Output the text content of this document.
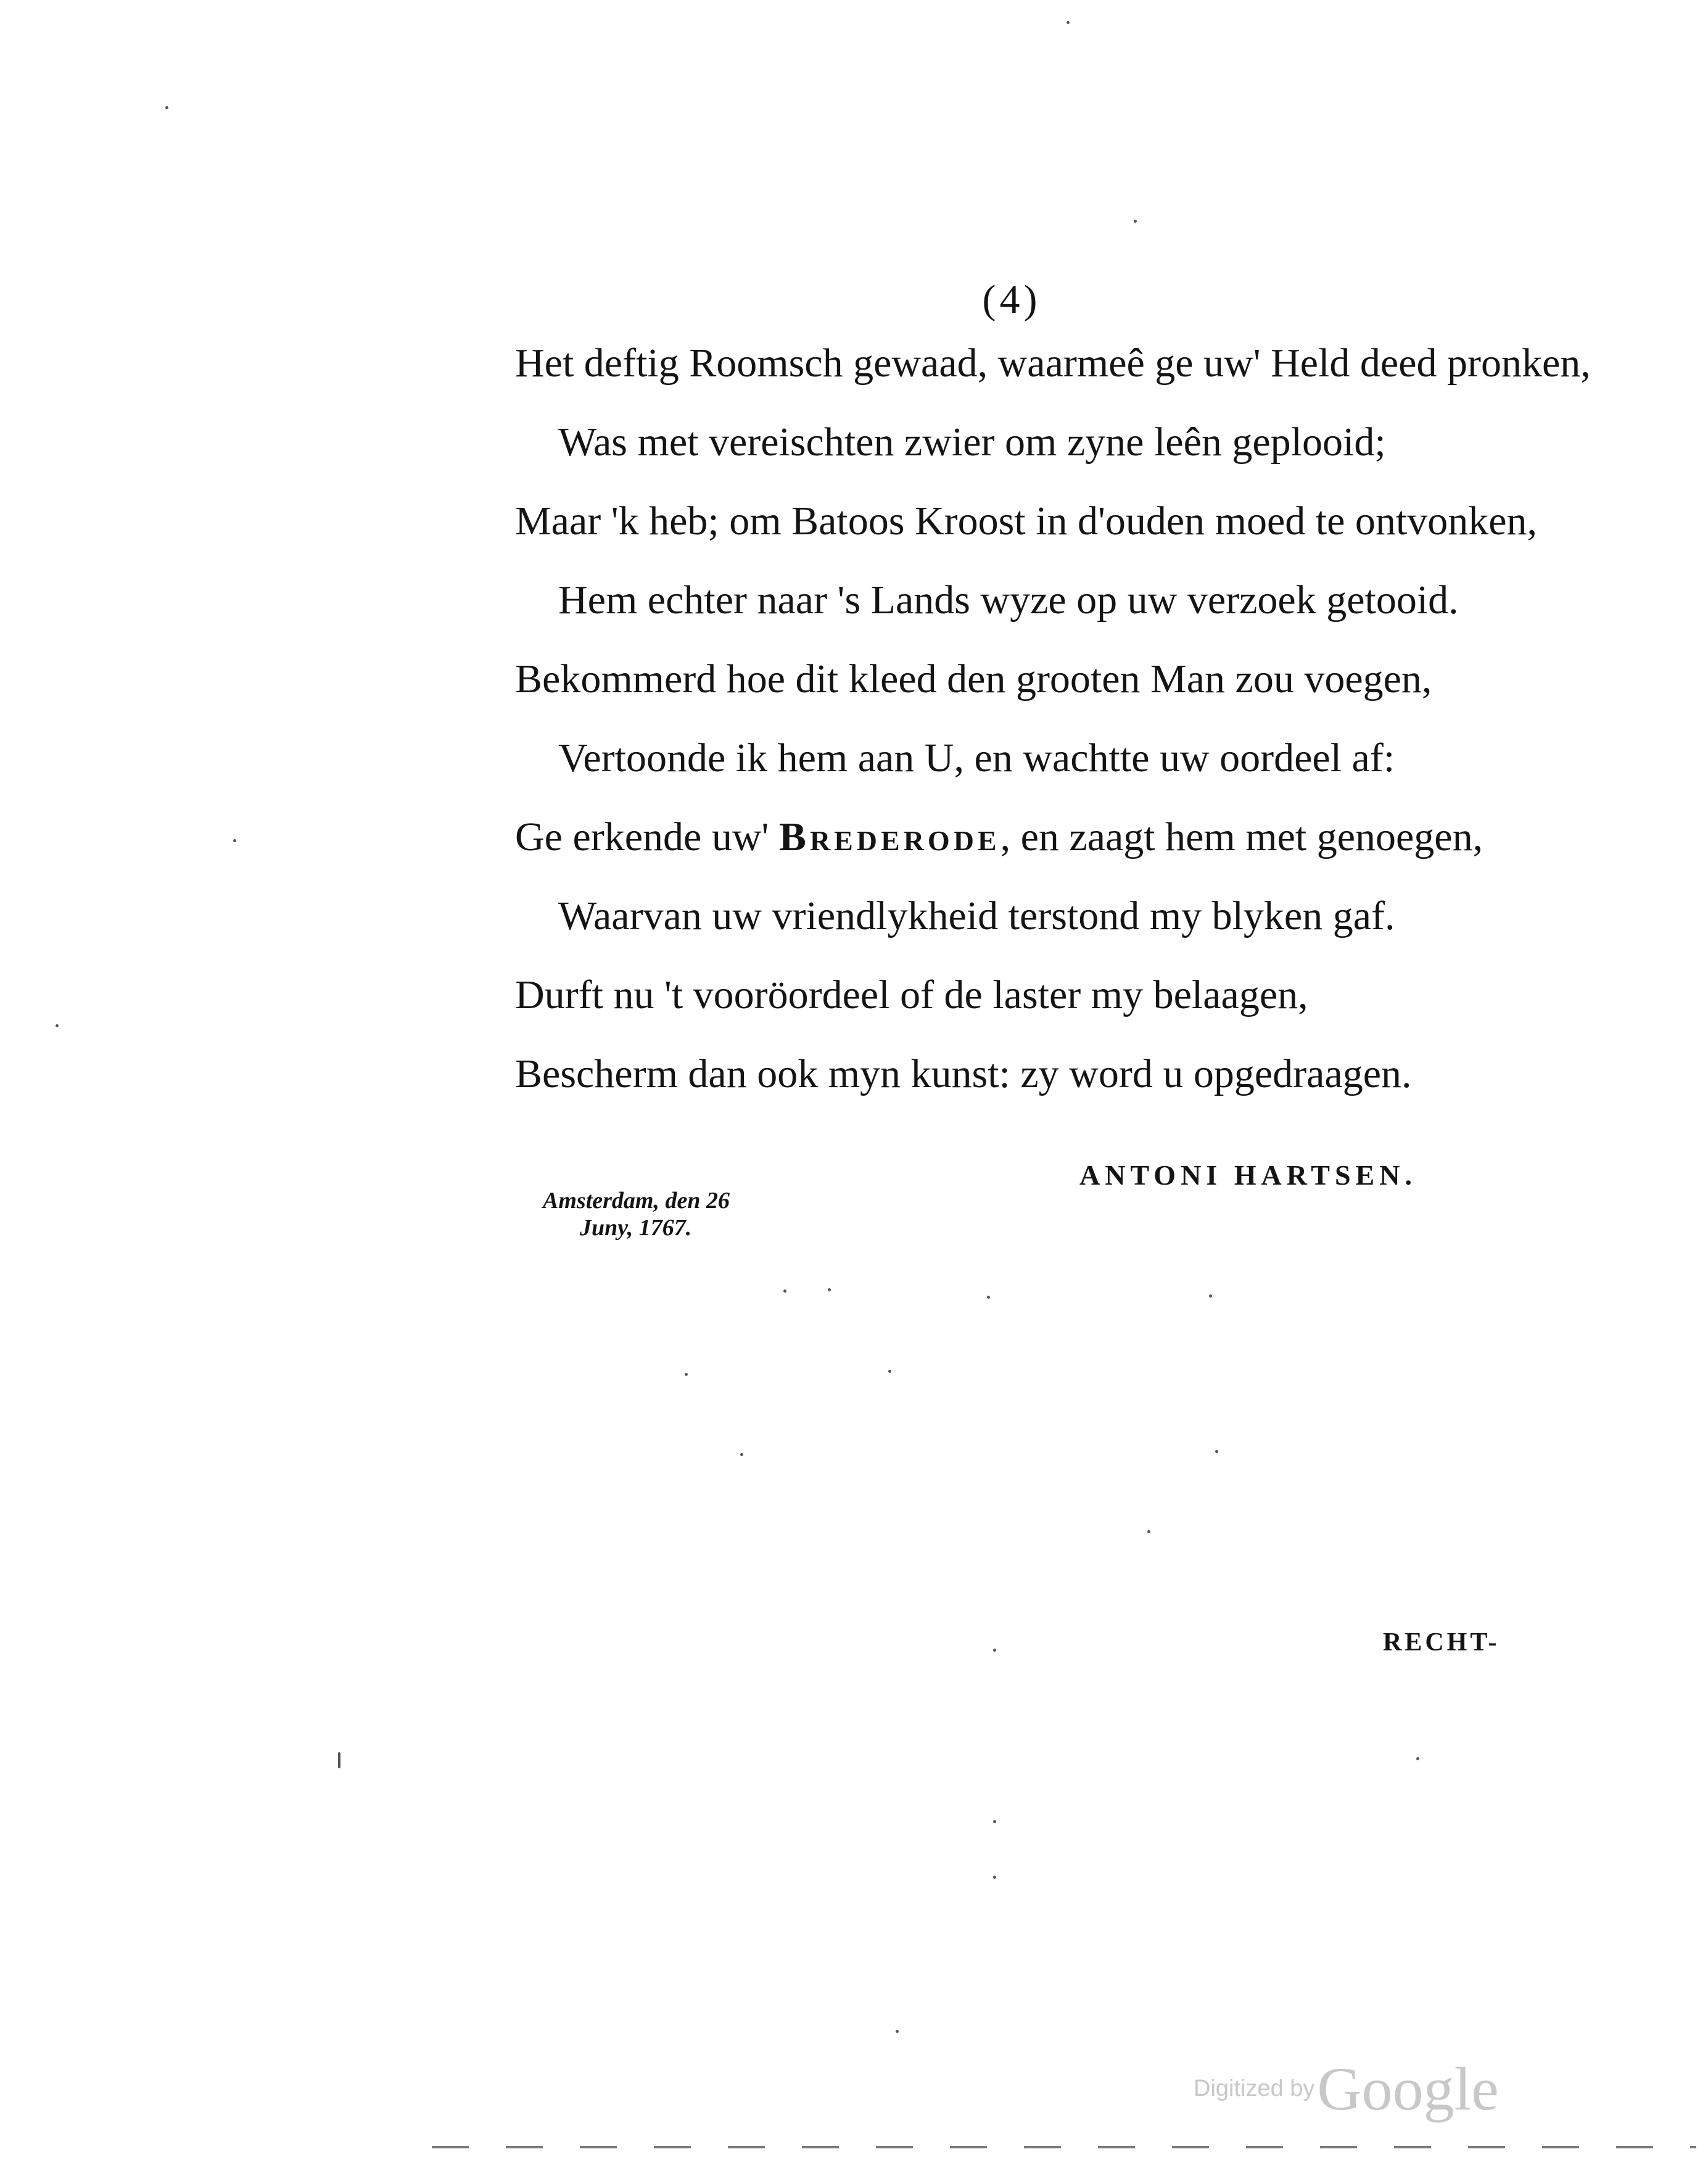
(4)
Het deftig Roomsch gewaad, waarmeê ge uw' Held deed pronken,
Was met vereischten zwier om zyne leên geplooid;
Maar 'k heb; om Batoos Kroost in d'ouden moed te ontvonken,
Hem echter naar 's Lands wyze op uw verzoek getooid.
Bekommerd hoe dit kleed den grooten Man zou voegen,
Vertoonde ik hem aan U, en wachtte uw oordeel af:
Ge erkende uw' Brederode, en zaagt hem met genoegen,
Waarvan uw vriendlykheid terstond my blyken gaf.
Durft nu 't vooröordeel of de laster my belaagen,
Bescherm dan ook myn kunst: zy word u opgedraagen.
ANTONI HARTSEN.
Amsterdam, den 26
Juny, 1767.
RECHT-
Digitized by Google
